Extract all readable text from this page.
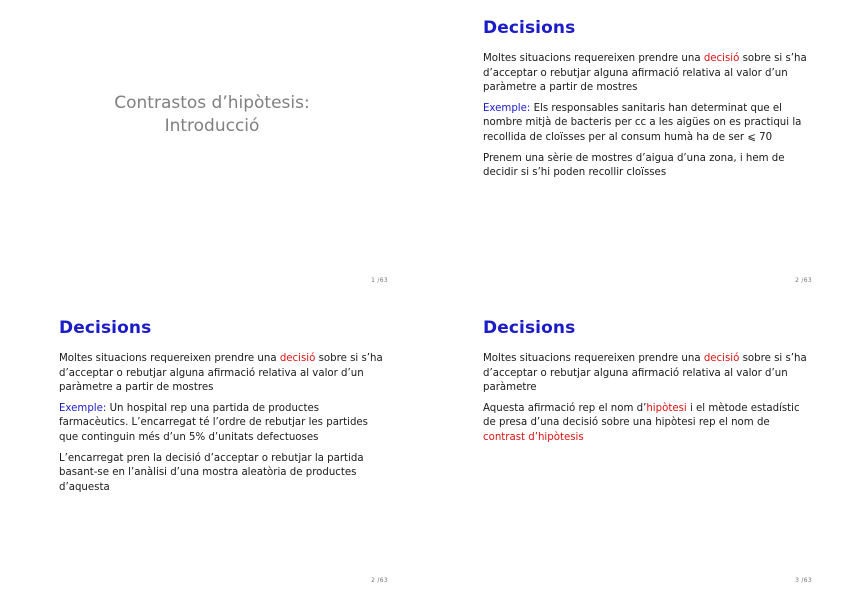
Contrastos d’hipòtesis:
Introducció
1 /63
Decisions

Moltes situacions requereixen prendre una decisió sobre si s’ha d’acceptar o rebutjar alguna afirmació relativa al valor d’un paràmetre a partir de mostres

Exemple: Els responsables sanitaris han determinat que el nombre mitjà de bacteris per cc a les aigües on es practiqui la recollida de cloïsses per al consum humà ha de ser ⩽ 70

Prenem una sèrie de mostres d’aigua d’una zona, i hem de decidir si s’hi poden recollir cloïsses

2 /63
Decisions

Moltes situacions requereixen prendre una decisió sobre si s’ha d’acceptar o rebutjar alguna afirmació relativa al valor d’un paràmetre a partir de mostres

Exemple: Un hospital rep una partida de productes farmacèutics. L’encarregat té l’ordre de rebutjar les partides que continguin més d’un 5% d’unitats defectuoses

L’encarregat pren la decisió d’acceptar o rebutjar la partida basant-se en l’anàlisi d’una mostra aleatòria de productes d’aquesta

2 /63
Decisions

Moltes situacions requereixen prendre una decisió sobre si s’ha d’acceptar o rebutjar alguna afirmació relativa al valor d’un paràmetre

Aquesta afirmació rep el nom d’hipòtesi i el mètode estadístic de presa d’una decisió sobre una hipòtesi rep el nom de contrast d’hipòtesis

3 /63
